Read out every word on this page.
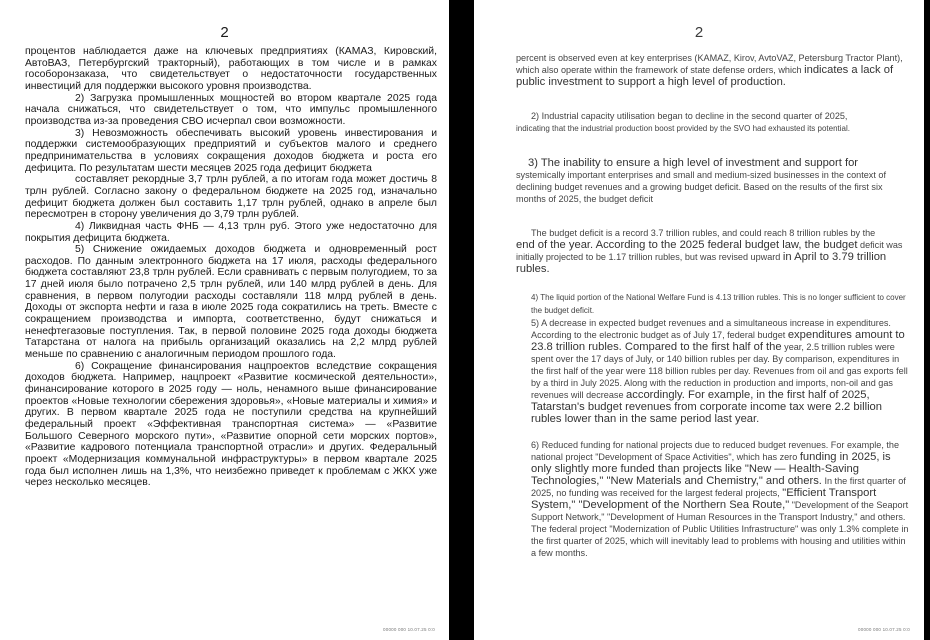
2

процентов наблюдается даже на ключевых предприятиях (КАМАЗ, Кировский, АвтоВАЗ, Петербургский тракторный), работающих в том числе и в рамках гособоронзаказа, что свидетельствует о недостаточности государственных инвестиций для поддержки высокого уровня производства.

2) Загрузка промышленных мощностей во втором квартале 2025 года начала снижаться, что свидетельствует о том, что импульс промышленного производства из-за проведения СВО исчерпал свои возможности.

3) Невозможность обеспечивать высокий уровень инвестирования и поддержки системообразующих предприятий и субъектов малого и среднего предпринимательства в условиях сокращения доходов бюджета и роста его дефицита. По результатам шести месяцев 2025 года дефицит бюджета

составляет рекордные 3,7 трлн рублей, а по итогам года может достичь 8 трлн рублей. Согласно закону о федеральном бюджете на 2025 год, изначально дефицит бюджета должен был составить 1,17 трлн рублей, однако в апреле был пересмотрен в сторону увеличения до 3,79 трлн рублей.

4) Ликвидная часть ФНБ — 4,13 трлн руб. Этого уже недостаточно для покрытия дефицита бюджета.

5) Снижение ожидаемых доходов бюджета и одновременный рост расходов. По данным электронного бюджета на 17 июля, расходы федерального бюджета составляют 23,8 трлн рублей. Если сравнивать с первым полугодием, то за 17 дней июля было потрачено 2,5 трлн рублей, или 140 млрд рублей в день. Для сравнения, в первом полугодии расходы составляли 118 млрд рублей в день. Доходы от экспорта нефти и газа в июле 2025 года сократились на треть. Вместе с сокращением производства и импорта, соответственно, будут снижаться и ненефтегазовые поступления. Так, в первой половине 2025 года доходы бюджета Татарстана от налога на прибыль организаций оказались на 2,2 млрд рублей меньше по сравнению с аналогичным периодом прошлого года.

6) Сокращение финансирования нацпроектов вследствие сокращения доходов бюджета. Например, нацпроект «Развитие космической деятельности», финансирование которого в 2025 году — ноль, ненамного выше финансирование проектов «Новые технологии сбережения здоровья», «Новые материалы и химия» и других. В первом квартале 2025 года не поступили средства на крупнейший федеральный проект «Эффективная транспортная система» — «Развитие Большого Северного морского пути», «Развитие опорной сети морских портов», «Развитие кадрового потенциала транспортной отрасли» и других. Федеральный проект «Модернизация коммунальной инфраструктуры» в первом квартале 2025 года был исполнен лишь на 1,3%, что неизбежно приведет к проблемам с ЖКХ уже через несколько месяцев.

00000 000 10.07.25 0:0
2

percent is observed even at key enterprises (KAMAZ, Kirov, AvtoVAZ, Petersburg Tractor Plant), which also operate within the framework of state defense orders, which indicates a lack of public investment to support a high level of production.

2) Industrial capacity utilisation began to decline in the second quarter of 2025,

indicating that the industrial production boost provided by the SVO had exhausted its potential.

3) The inability to ensure a high level of investment and support for

systemically important enterprises and small and medium-sized businesses in the context of declining budget revenues and a growing budget deficit. Based on the results of the first six months of 2025, the budget deficit

The budget deficit is a record 3.7 trillion rubles, and could reach 8 trillion rubles by the

end of the year. According to the 2025 federal budget law, the budget deficit was initially projected to be 1.17 trillion rubles, but was revised upward in April to 3.79 trillion rubles.

4) The liquid portion of the National Welfare Fund is 4.13 trillion rubles. This is no longer sufficient to cover the budget deficit.

5) A decrease in expected budget revenues and a simultaneous increase in expenditures. According to the electronic budget as of July 17, federal budget expenditures amount to 23.8 trillion rubles. Compared to the first half of the year, 2.5 trillion rubles were spent over the 17 days of July, or 140 billion rubles per day. By comparison, expenditures in the first half of the year were 118 billion rubles per day. Revenues from oil and gas exports fell by a third in July 2025. Along with the reduction in production and imports, non-oil and gas revenues will decrease accordingly. For example, in the first half of 2025, Tatarstan's budget revenues from corporate income tax were 2.2 billion rubles lower than in the same period last year.

6) Reduced funding for national projects due to reduced budget revenues. For example, the national project "Development of Space Activities", which has zero funding in 2025, is only slightly more funded than projects like "New — Health-Saving Technologies," "New Materials and Chemistry," and others. In the first quarter of 2025, no funding was received for the largest federal projects, "Efficient Transport System," "Development of the Northern Sea Route," "Development of the Seaport Support Network," "Development of Human Resources in the Transport Industry," and others. The federal project "Modernization of Public Utilities Infrastructure" was only 1.3% complete in the first quarter of 2025, which will inevitably lead to problems with housing and utilities within a few months.

00000 000 10.07.25 0:0
